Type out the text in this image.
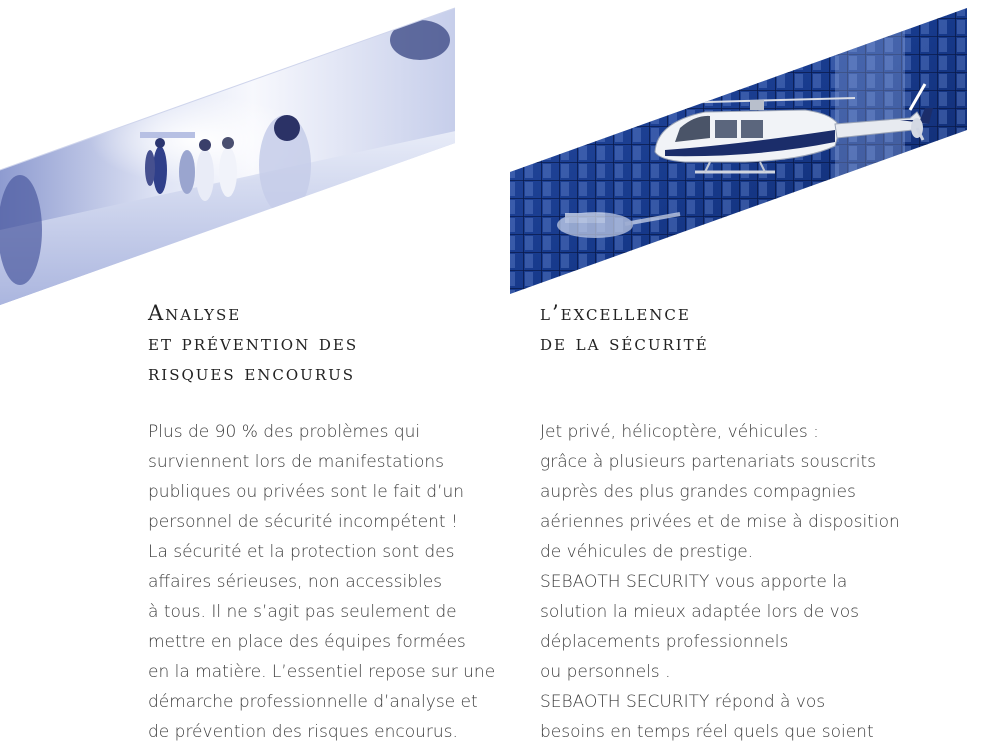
Analyse
et prévention des
risques encourus

Plus de 90 % des problèmes qui
surviennent lors de manifestations
publiques ou privées sont le fait d’un
personnel de sécurité incompétent !
La sécurité et la protection sont des
affaires sérieuses, non accessibles
à tous. Il ne s’agit pas seulement de
mettre en place des équipes formées
en la matière. L’essentiel repose sur une
démarche professionnelle d’analyse et
de prévention des risques encourus.

l’excellence
de la sécurité

Jet privé, hélicoptère, véhicules :
grâce à plusieurs partenariats souscrits
auprès des plus grandes compagnies
aériennes privées et de mise à disposition
de véhicules de prestige.
SEBAOTH SECURITY vous apporte la
solution la mieux adaptée lors de vos
déplacements professionnels
ou personnels .
SEBAOTH SECURITY répond à vos
besoins en temps réel quels que soient
